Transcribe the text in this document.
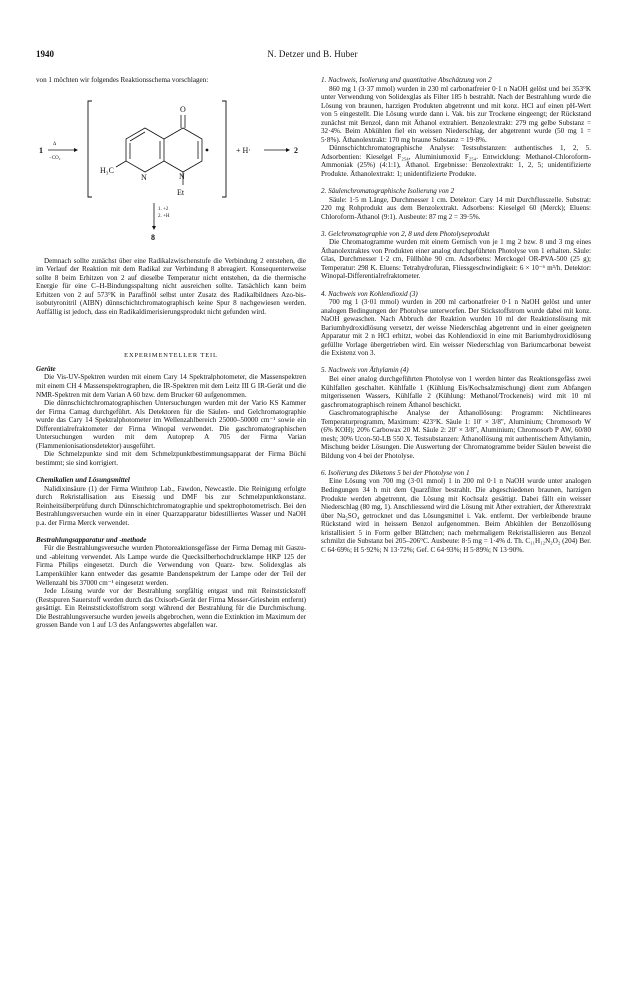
1940	N. Detzer und B. Huber

von 1 möchten wir folgendes Reaktionsschema vorschlagen:

1
Δ
−CO₂
O
N	N
H₃C
Et
+ H·	2
1. +2
2. +H
8

Demnach sollte zunächst über eine Radikalzwischenstufe die Verbindung 2 entstehen, die im Verlauf der Reaktion mit dem Radikal zur Verbindung 8 abreagiert. Konsequenterweise sollte 8 beim Erhitzen von 2 auf dieselbe Temperatur nicht entstehen, da die thermische Energie für eine C–H-Bindungsspaltung nicht ausreichen sollte. Tatsächlich kann beim Erhitzen von 2 auf 573°K in Paraffinöl selbst unter Zusatz des Radikalbildners Azo-bis-isobutyronitril (AIBN) dünnschichtchromatographisch keine Spur 8 nachgewiesen werden. Auffällig ist jedoch, dass ein Radikaldimerisierungsprodukt nicht gefunden wird.

EXPERIMENTELLER TEIL

Geräte

Die Vis-UV-Spektren wurden mit einem Cary 14 Spektralphotometer, die Massenspektren mit einem CH 4 Massenspektrographen, die IR-Spektren mit dem Leitz III G IR-Gerät und die NMR-Spektren mit dem Varian A 60 bzw. dem Brucker 60 aufgenommen.

Die dünnschichtchromatographischen Untersuchungen wurden mit der Vario KS Kammer der Firma Camag durchgeführt. Als Detektoren für die Säulen- und Gelchromatographie wurde das Cary 14 Spektralphotometer im Wellenzahlbereich 25000–50000 cm⁻¹ sowie ein Differentialrefraktometer der Firma Winopal verwendet. Die gaschromatographischen Untersuchungen wurden mit dem Autoprep A 705 der Firma Varian (Flammenionisationsdetektor) ausgeführt.

Die Schmelzpunkte sind mit dem Schmelzpunktbestimmungsapparat der Firma Büchi bestimmt; sie sind korrigiert.

Chemikalien und Lösungsmittel

Nalidixinsäure (1) der Firma Winthrop Lab., Fawdon, Newcastle. Die Reinigung erfolgte durch Rekristallisation aus Eisessig und DMF bis zur Schmelzpunktkonstanz. Reinheitsüberprüfung durch Dünnschichtchromatographie und spektrophotometrisch. Bei den Bestrahlungsversuchen wurde ein in einer Quarzapparatur bidestilliertes Wasser und NaOH p.a. der Firma Merck verwendet.

Bestrahlungsapparatur und -methode

Für die Bestrahlungsversuche wurden Photoreaktionsgefässe der Firma Demag mit Gaszu- und -ableitung verwendet. Als Lampe wurde die Quecksilberhochdrucklampe HKP 125 der Firma Philips eingesetzt. Durch die Verwendung von Quarz- bzw. Solidexglas als Lampenkühler kann entweder das gesamte Bandenspektrum der Lampe oder der Teil der Wellenzahl bis 37000 cm⁻¹ eingesetzt werden.

Jede Lösung wurde vor der Bestrahlung sorgfältig entgast und mit Reinststickstoff (Restspuren Sauerstoff werden durch das Oxisorb-Gerät der Firma Messer-Griesheim entfernt) gesättigt. Ein Reinststickstoffstrom sorgt während der Bestrahlung für die Durchmischung. Die Bestrahlungsversuche wurden jeweils abgebrochen, wenn die Extinktion im Maximum der grossen Bande von 1 auf 1/3 des Anfangswertes abgefallen war.

1. Nachweis, Isolierung und quantitative Abschätzung von 2

860 mg 1 (3·37 mmol) wurden in 230 ml carbonatfreier 0·1 n NaOH gelöst und bei 353°K unter Verwendung von Solidexglas als Filter 185 h bestrahlt. Nach der Bestrahlung wurde die Lösung von braunen, harzigen Produkten abgetrennt und mit konz. HCl auf einen pH-Wert von 5 eingestellt. Die Lösung wurde dann i. Vak. bis zur Trockene eingeengt; der Rückstand zunächst mit Benzol, dann mit Äthanol extrahiert. Benzolextrakt: 279 mg gelbe Substanz = 32·4%. Beim Abkühlen fiel ein weissen Niederschlag, der abgetrennt wurde (50 mg 1 = 5·8%). Äthanolextrakt: 170 mg braune Substanz = 19·8%.

Dünnschichtchromatographische Analyse: Testsubstanzen: authentisches 1, 2, 5. Adsorbentien: Kieselgel F₂₅₄, Aluminiumoxid F₂₅₄. Entwicklung: Methanol-Chloroform-Ammoniak (25%) (4:1:1), Äthanol. Ergebnisse: Benzolextrakt: 1, 2, 5; unidentifizierte Produkte. Äthanolextrakt: 1; unidentifizierte Produkte.

2. Säulenchromatographische Isolierung von 2

Säule: 1·5 m Länge, Durchmesser 1 cm. Detektor: Cary 14 mit Durchflusszelle. Substrat: 220 mg Rohprodukt aus dem Benzolextrakt. Adsorbens: Kieselgel 60 (Merck); Eluens: Chloroform-Äthanol (9:1). Ausbeute: 87 mg 2 = 39·5%.

3. Gelchromatographie von 2, 8 und dem Photolyseprodukt

Die Chromatogramme wurden mit einem Gemisch von je 1 mg 2 bzw. 8 und 3 mg eines Äthanolextraktes von Produkten einer analog durchgeführten Photolyse von 1 erhalten. Säule: Glas, Durchmesser 1·2 cm, Füllhöhe 90 cm. Adsorbens: Merckogel OR-PVA-500 (25 g); Temperatur: 298 K. Eluens: Tetrahydrofuran, Fliessgeschwindigkeit: 6 × 10⁻⁶ m³/h. Detektor: Winopal-Differentialrefraktometer.

4. Nachweis von Kohlendioxid (3)

700 mg 1 (3·01 mmol) wurden in 200 ml carbonatfreier 0·1 n NaOH gelöst und unter analogen Bedingungen der Photolyse unterworfen. Der Stickstoffstrom wurde dabei mit konz. NaOH gewaschen. Nach Abbruch der Reaktion wurden 10 ml der Reaktionslösung mit Bariumhydroxidlösung versetzt, der weisse Niederschlag abgetrennt und in einer geeigneten Apparatur mit 2 n HCl erhitzt, wobei das Kohlendioxid in eine mit Bariumhydroxidlösung gefüllte Vorlage übergetrieben wird. Ein weisser Niederschlag von Bariumcarbonat beweist die Existenz von 3.

5. Nachweis von Äthylamin (4)

Bei einer analog durchgeführten Photolyse von 1 werden hinter das Reaktionsgefäss zwei Kühlfallen geschaltet. Kühlfalle 1 (Kühlung Eis/Kochsalzmischung) dient zum Abfangen mitgerissenen Wassers, Kühlfalle 2 (Kühlung: Methanol/Trockeneis) wird mit 10 ml gaschromatographisch reinem Äthanol beschickt.

Gaschromatographische Analyse der Äthanollösung: Programm: Nichtlineares Temperaturprogramm, Maximum: 423°K. Säule 1: 10′ × 3/8″, Aluminium; Chromosorb W (6% KOH); 20% Carbowax 20 M. Säule 2: 20′ × 3/8″, Aluminium; Chromosorb P AW, 60/80 mesh; 30% Ucon-50-LB 550 X. Testsubstanzen: Äthanollösung mit authentischem Äthylamin, Mischung beider Lösungen. Die Auswertung der Chromatogramme beider Säulen beweist die Bildung von 4 bei der Photolyse.

6. Isolierung des Diketons 5 bei der Photolyse von 1

Eine Lösung von 700 mg (3·01 mmol) 1 in 200 ml 0·1 n NaOH wurde unter analogen Bedingungen 34 h mit dem Quarzfilter bestrahlt. Die abgeschiedenen braunen, harzigen Produkte werden abgetrennt, die Lösung mit Kochsalz gesättigt. Dabei fällt ein weisser Niederschlag (80 mg, 1). Anschliessend wird die Lösung mit Äther extrahiert, der Ätherextrakt über Na₂SO₄ getrocknet und das Lösungsmittel i. Vak. entfernt. Der verbleibende braune Rückstand wird in heissem Benzol aufgenommen. Beim Abkühlen der Benzollösung kristallisiert 5 in Form gelber Blättchen; nach mehrmaligem Rekristallisieren aus Benzol schmilzt die Substanz bei 205–206°C. Ausbeute: 8·5 mg = 1·4% d. Th. C₁₁H₁₂N₂O₂ (204) Ber. C 64·69%; H 5·92%; N 13·72%; Gef. C 64·93%; H 5·89%; N 13·90%.
